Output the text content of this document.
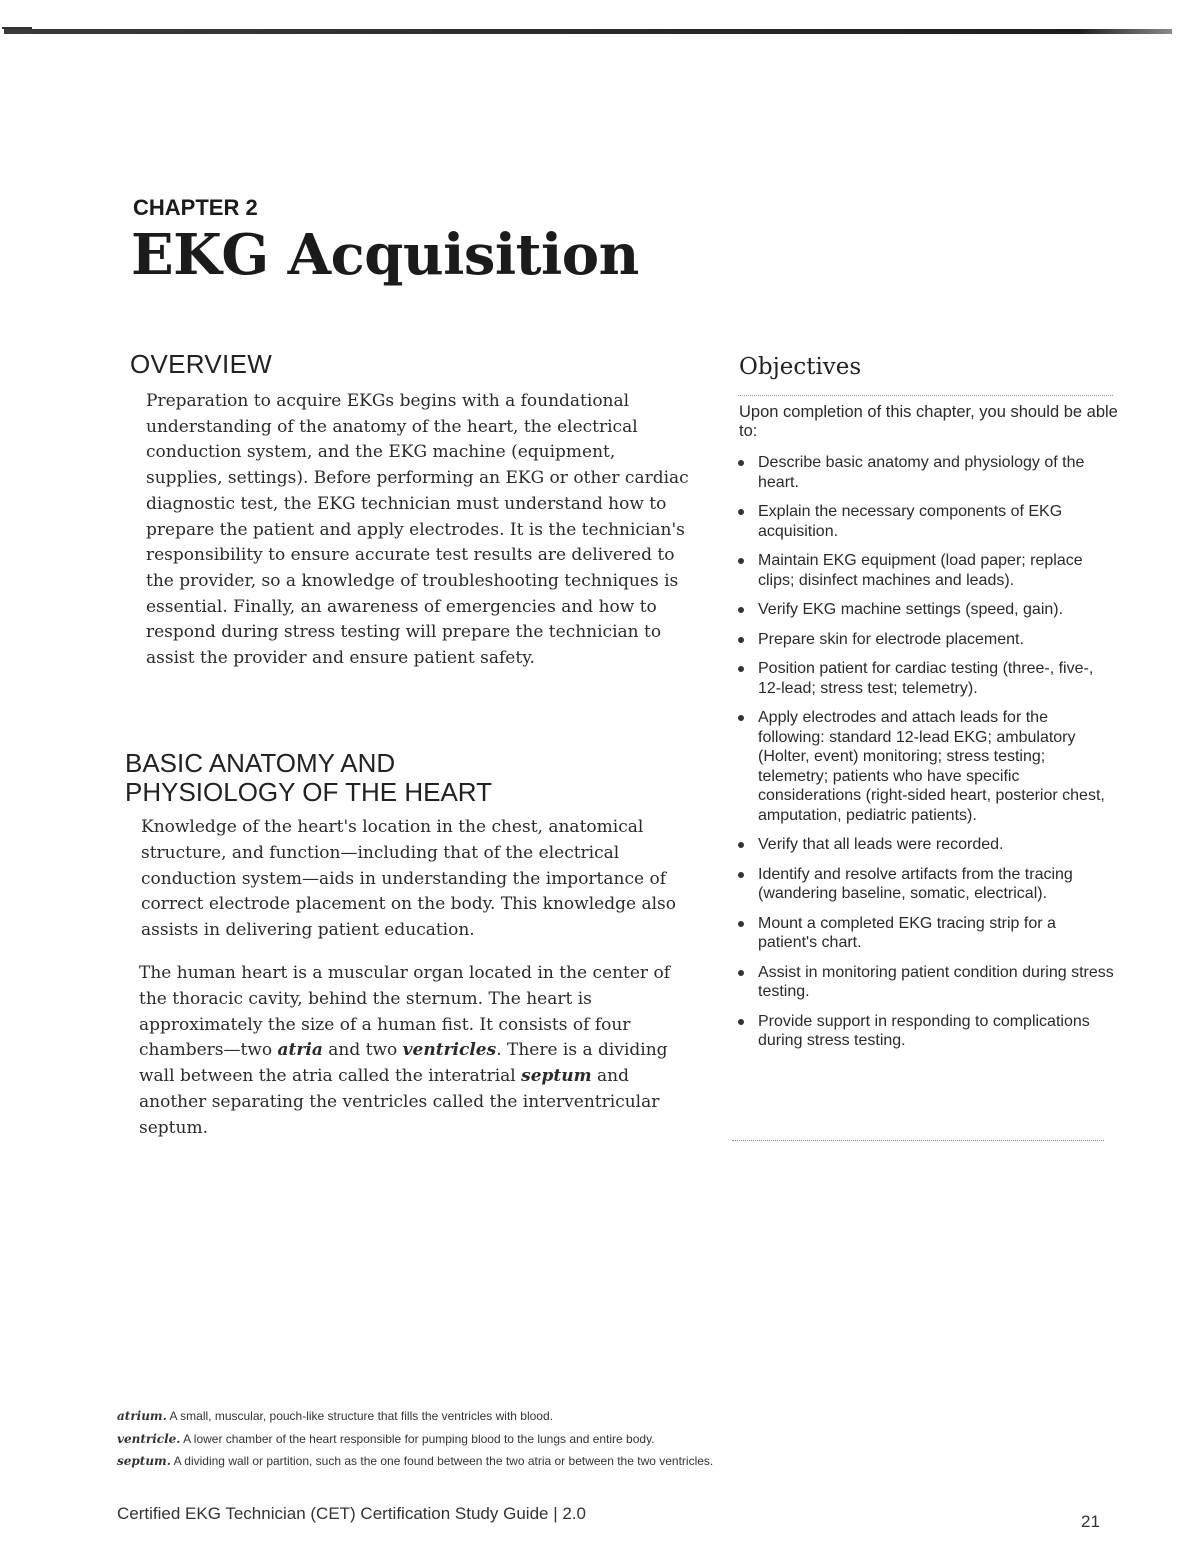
CHAPTER 2
EKG Acquisition
OVERVIEW

Preparation to acquire EKGs begins with a foundational understanding of the anatomy of the heart, the electrical conduction system, and the EKG machine (equipment, supplies, settings). Before performing an EKG or other cardiac diagnostic test, the EKG technician must understand how to prepare the patient and apply electrodes. It is the technician's responsibility to ensure accurate test results are delivered to the provider, so a knowledge of troubleshooting techniques is essential. Finally, an awareness of emergencies and how to respond during stress testing will prepare the technician to assist the provider and ensure patient safety.

BASIC ANATOMY AND
PHYSIOLOGY OF THE HEART

Knowledge of the heart's location in the chest, anatomical structure, and function—including that of the electrical conduction system—aids in understanding the importance of correct electrode placement on the body. This knowledge also assists in delivering patient education.

The human heart is a muscular organ located in the center of the thoracic cavity, behind the sternum. The heart is approximately the size of a human fist. It consists of four chambers—two atria and two ventricles. There is a dividing wall between the atria called the interatrial septum and another separating the ventricles called the interventricular septum.

Objectives

Upon completion of this chapter, you should be able to:

Describe basic anatomy and physiology of the heart.
Explain the necessary components of EKG acquisition.
Maintain EKG equipment (load paper; replace clips; disinfect machines and leads).
Verify EKG machine settings (speed, gain).
Prepare skin for electrode placement.
Position patient for cardiac testing (three-, five-, 12-lead; stress test; telemetry).
Apply electrodes and attach leads for the following: standard 12-lead EKG; ambulatory (Holter, event) monitoring; stress testing; telemetry; patients who have specific considerations (right-sided heart, posterior chest, amputation, pediatric patients).
Verify that all leads were recorded.
Identify and resolve artifacts from the tracing (wandering baseline, somatic, electrical).
Mount a completed EKG tracing strip for a patient's chart.
Assist in monitoring patient condition during stress testing.
Provide support in responding to complications during stress testing.
atrium. A small, muscular, pouch-like structure that fills the ventricles with blood.
ventricle. A lower chamber of the heart responsible for pumping blood to the lungs and entire body.
septum. A dividing wall or partition, such as the one found between the two atria or between the two ventricles.
Certified EKG Technician (CET) Certification Study Guide | 2.0	21
